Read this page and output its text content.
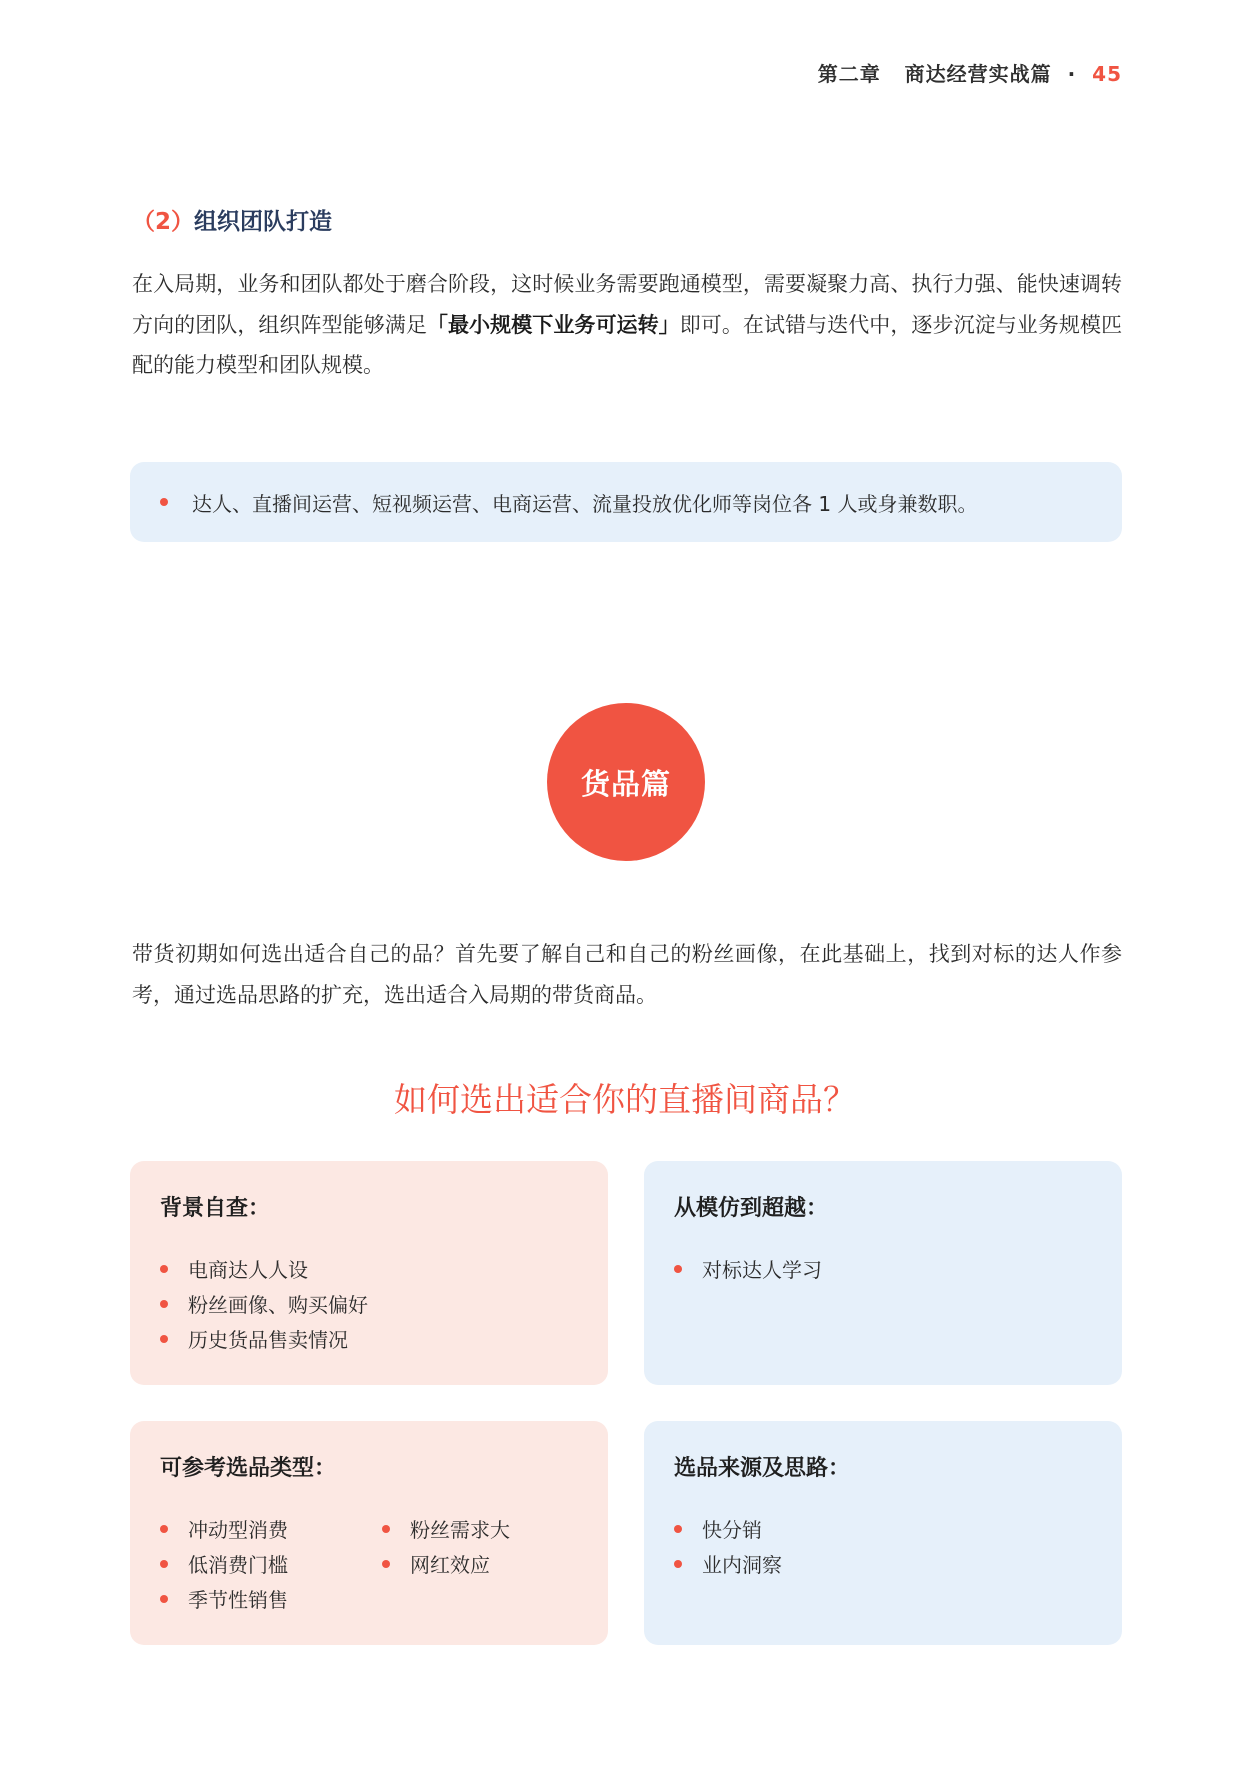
第二章 商达经营实战篇 · 45
（2）组织团队打造
在入局期，业务和团队都处于磨合阶段，这时候业务需要跑通模型，需要凝聚力高、执行力强、能快速调转方向的团队，组织阵型能够满足「最小规模下业务可运转」即可。在试错与迭代中，逐步沉淀与业务规模匹配的能力模型和团队规模。
达人、直播间运营、短视频运营、电商运营、流量投放优化师等岗位各 1 人或身兼数职。
货品篇
带货初期如何选出适合自己的品？首先要了解自己和自己的粉丝画像，在此基础上，找到对标的达人作参考，通过选品思路的扩充，选出适合入局期的带货商品。
如何选出适合你的直播间商品？
背景自查：
电商达人人设
粉丝画像、购买偏好
历史货品售卖情况
从模仿到超越：
对标达人学习
可参考选品类型：
冲动型消费
低消费门槛
季节性销售
粉丝需求大
网红效应
选品来源及思路：
快分销
业内洞察
